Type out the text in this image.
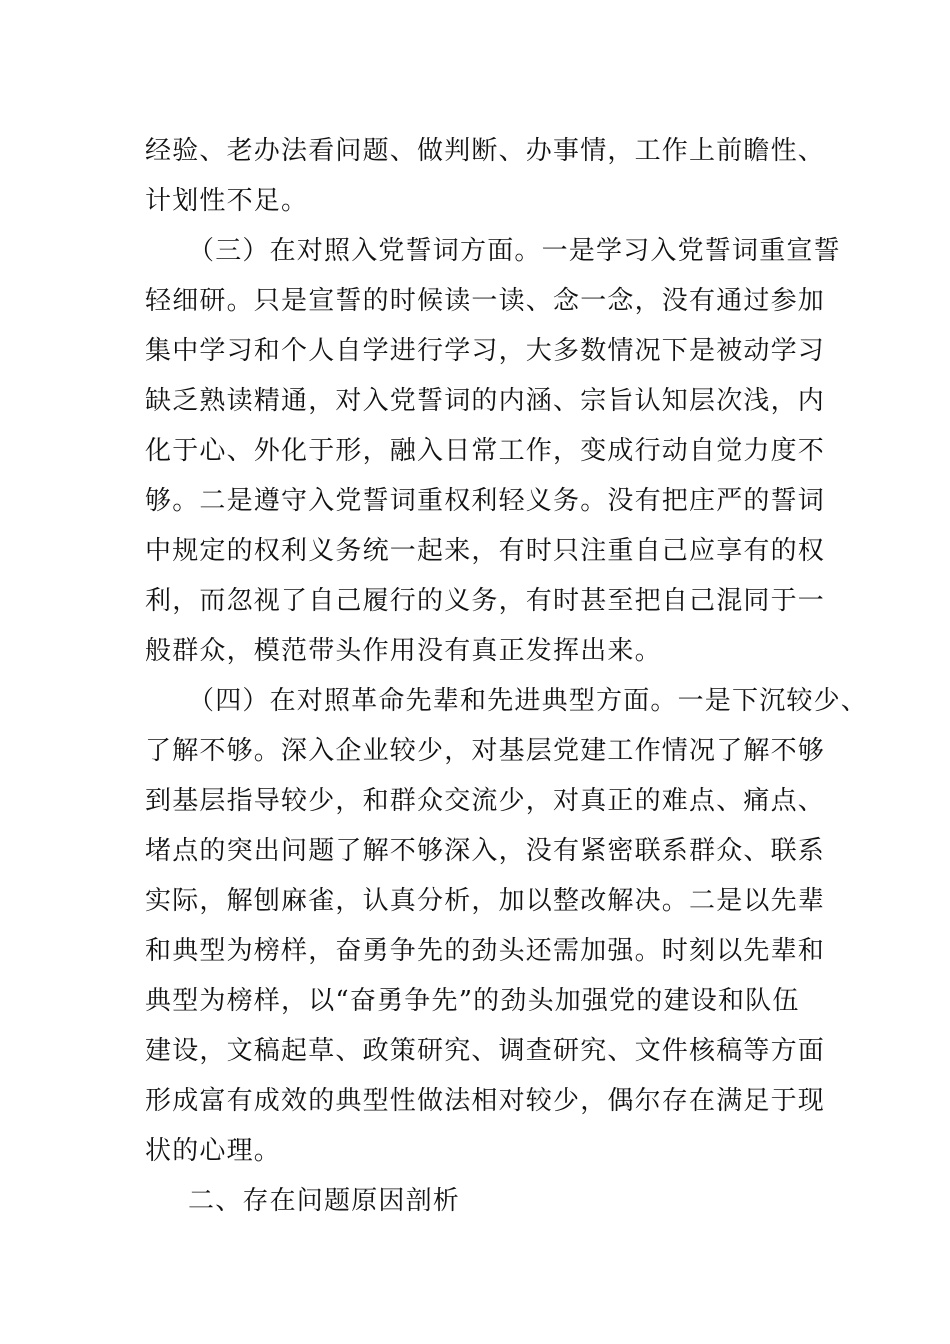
经验、老办法看问题、做判断、办事情，工作上前瞻性、
计划性不足。
（三）在对照入党誓词方面。一是学习入党誓词重宣誓
轻细研。只是宣誓的时候读一读、念一念，没有通过参加
集中学习和个人自学进行学习，大多数情况下是被动学习
缺乏熟读精通，对入党誓词的内涵、宗旨认知层次浅，内
化于心、外化于形，融入日常工作，变成行动自觉力度不
够。二是遵守入党誓词重权利轻义务。没有把庄严的誓词
中规定的权利义务统一起来，有时只注重自己应享有的权
利，而忽视了自己履行的义务，有时甚至把自己混同于一
般群众，模范带头作用没有真正发挥出来。
（四）在对照革命先辈和先进典型方面。一是下沉较少、
了解不够。深入企业较少，对基层党建工作情况了解不够
到基层指导较少，和群众交流少，对真正的难点、痛点、
堵点的突出问题了解不够深入，没有紧密联系群众、联系
实际，解刨麻雀，认真分析，加以整改解决。二是以先辈
和典型为榜样，奋勇争先的劲头还需加强。时刻以先辈和
典型为榜样，以“奋勇争先”的劲头加强党的建设和队伍
建设，文稿起草、政策研究、调查研究、文件核稿等方面
形成富有成效的典型性做法相对较少，偶尔存在满足于现
状的心理。
二、存在问题原因剖析
